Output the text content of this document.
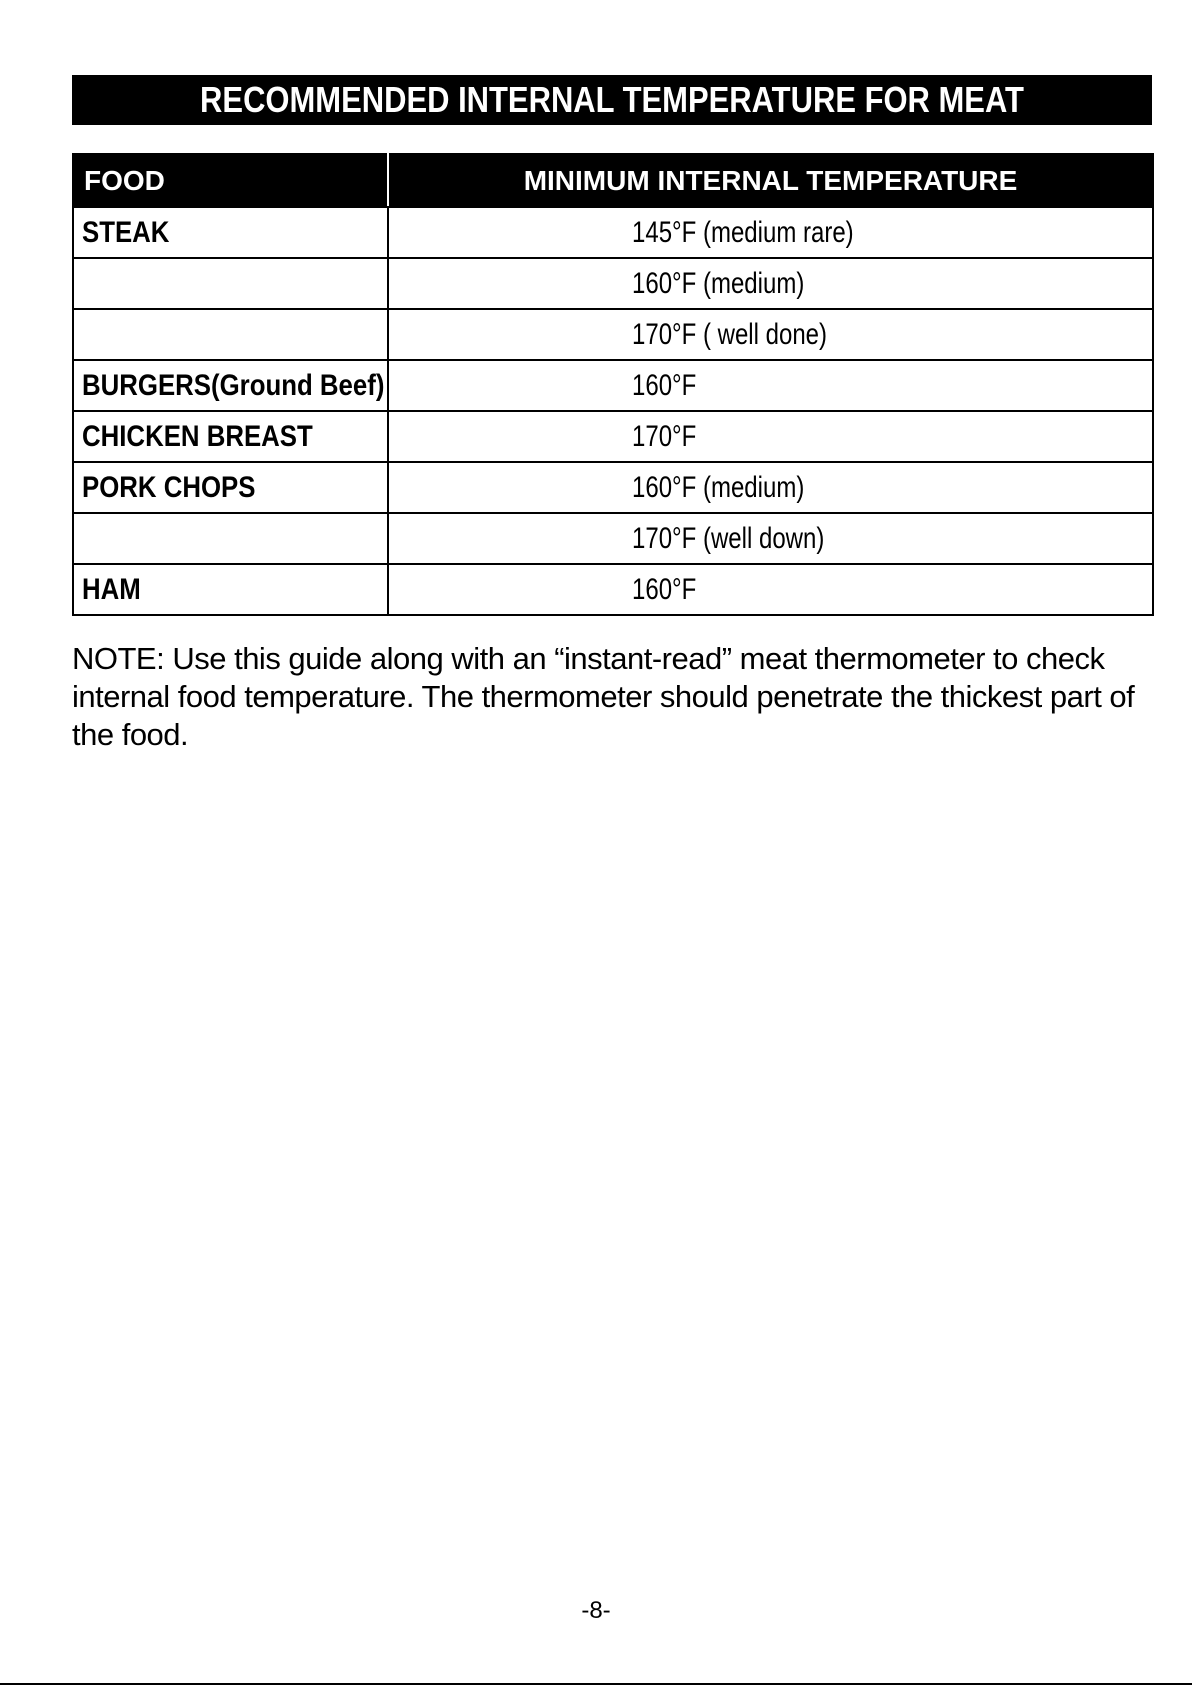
RECOMMENDED INTERNAL TEMPERATURE FOR MEAT
FOOD	MINIMUM INTERNAL TEMPERATURE
STEAK	145°F (medium rare)
	160°F (medium)
	170°F ( well done)
BURGERS(Ground Beef)	160°F
CHICKEN BREAST	170°F
PORK CHOPS	160°F (medium)
	170°F (well down)
HAM	160°F

NOTE: Use this guide along with an “instant-read” meat thermometer to check internal food temperature. The thermometer should penetrate the thickest part of the food.

-8-
